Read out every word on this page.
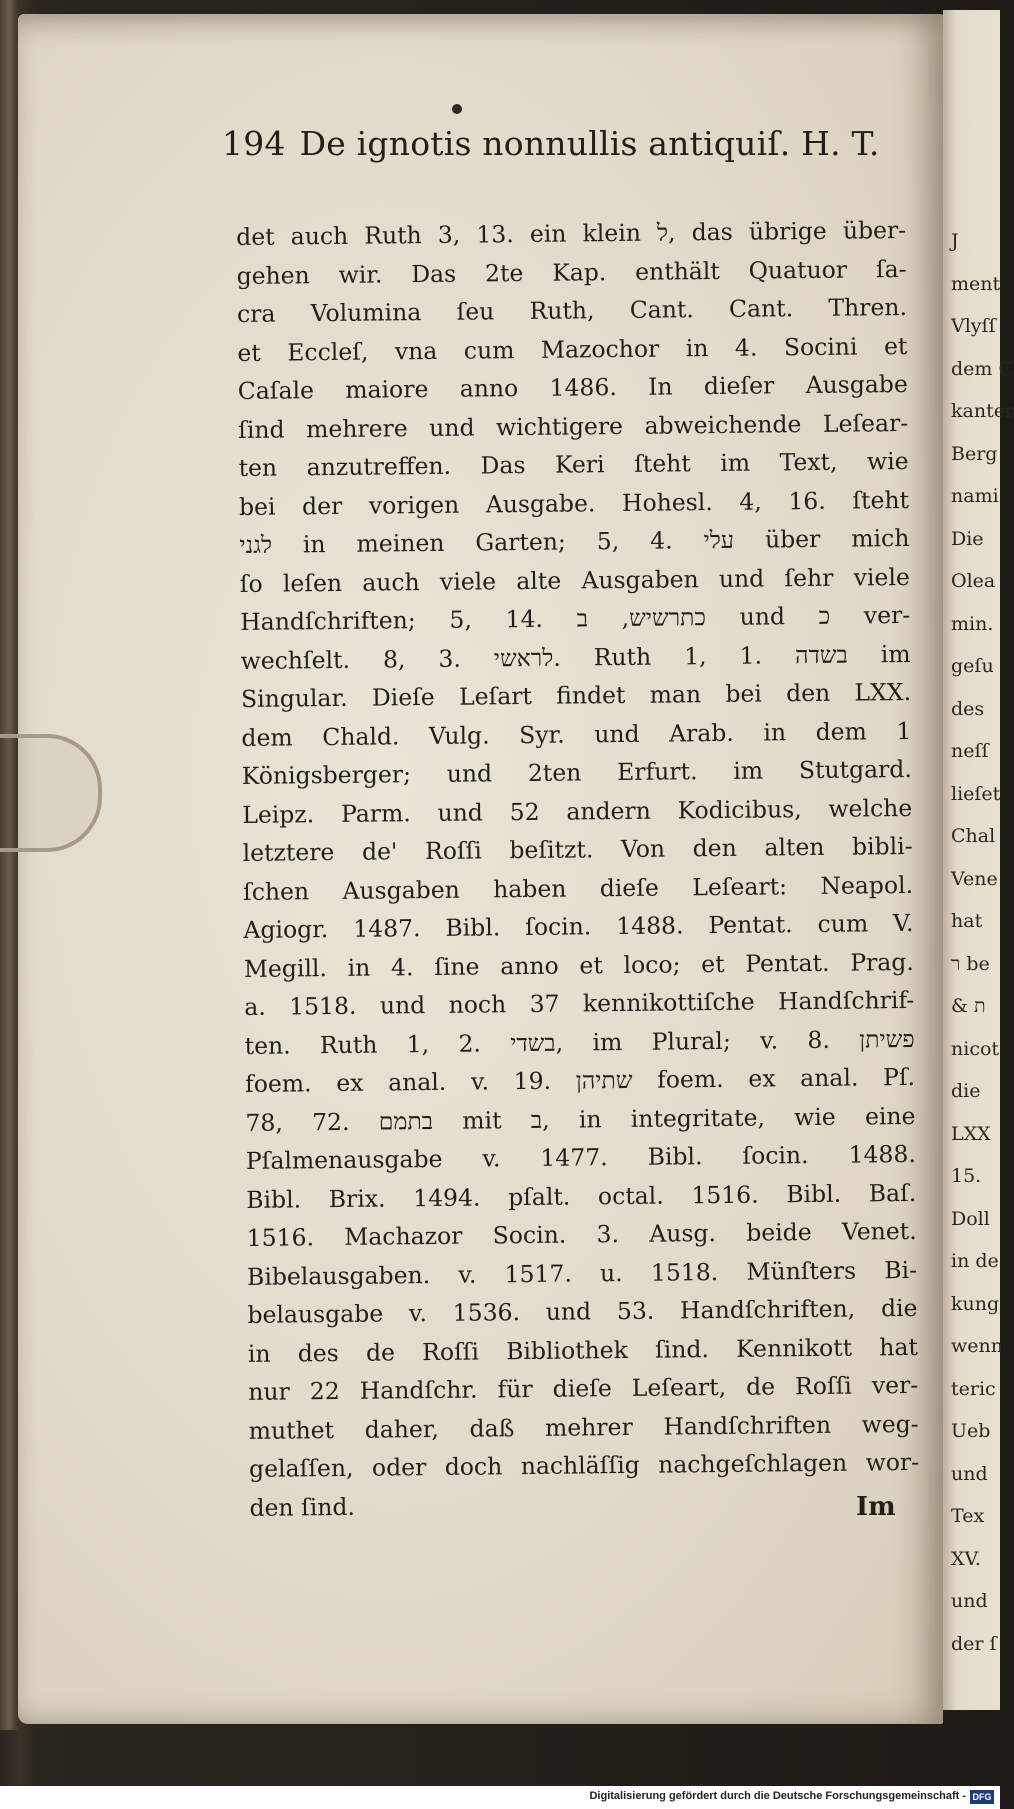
194 De ignotis nonnullis antiquiſ. H. T.
det auch Ruth 3, 13. ein klein ל, das übrige über-
gehen wir. Das 2te Kap. enthält Quatuor ſa-
cra Volumina ſeu Ruth, Cant. Cant. Thren.
et Eccleſ, vna cum Mazochor in 4. Socini et
Caſale maiore anno 1486. In dieſer Ausgabe
ſind mehrere und wichtigere abweichende Leſear-
ten anzutreffen. Das Keri ſteht im Text, wie
bei der vorigen Ausgabe. Hohesl. 4, 16. ſteht
לגני in meinen Garten; 5, 4. עלי über mich
ſo leſen auch viele alte Ausgaben und ſehr viele
Handſchriften; 5, 14. כתרשיש, ב und כ ver-
wechſelt. 8, 3. לראשי. Ruth 1, 1. בשדה im
Singular. Dieſe Leſart findet man bei den LXX.
dem Chald. Vulg. Syr. und Arab. in dem 1
Königsberger; und 2ten Erfurt. im Stutgard.
Leipz. Parm. und 52 andern Kodicibus, welche
letztere de' Roſſi beſitzt. Von den alten bibli-
ſchen Ausgaben haben dieſe Leſeart: Neapol.
Agiogr. 1487. Bibl. ſocin. 1488. Pentat. cum V.
Megill. in 4. ſine anno et loco; et Pentat. Prag.
a. 1518. und noch 37 kennikottiſche Handſchrif-
ten. Ruth 1, 2. בשדי, im Plural; v. 8. פשיתן
foem. ex anal. v. 19. שתיהן foem. ex anal. Pſ.
78, 72. בתמם mit ב, in integritate, wie eine
Pſalmenausgabe v. 1477. Bibl. ſocin. 1488.
Bibl. Brix. 1494. pſalt. octal. 1516. Bibl. Baſ.
1516. Machazor Socin. 3. Ausg. beide Venet.
Bibelausgaben. v. 1517. u. 1518. Münſters Bi-
belausgabe v. 1536. und 53. Handſchriften, die
in des de Roſſi Bibliothek ſind. Kennikott hat
nur 22 Handſchr. für dieſe Leſeart, de Roſſi ver-
muthet daher, daß mehrer Handſchriften weg-
gelaſſen, oder doch nachläſſig nachgeſchlagen wor-
den ſind.	Im
J
ment
Vlyſſ
dem C
kanter
Berg
nami
Die
Olea
min.
geſu
des
neſſ
lieſet
Chal
Vene
hat
ר be
& ת
nicot
die
LXX
15.
Doll
in de
kung
wenn
teric
Ueb
und
Tex
XV.
und
der ſ
Digitalisierung gefördert durch die Deutsche Forschungsgemeinschaft - DFG
